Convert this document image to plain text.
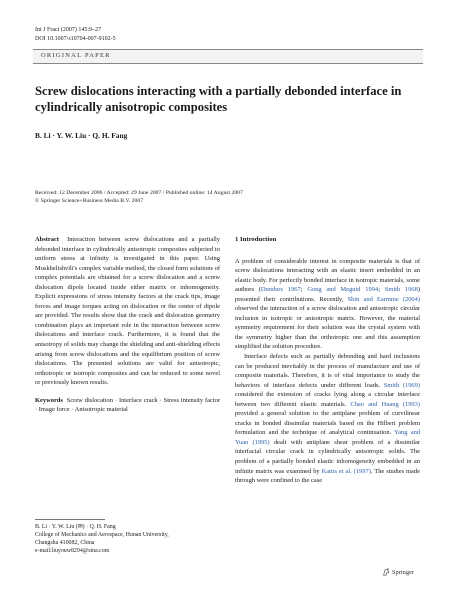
Int J Fract (2007) 145:9–27
DOI 10.1007/s10704-007-9102-5
ORIGINAL PAPER
Screw dislocations interacting with a partially debonded interface in cylindrically anisotropic composites
B. Li · Y. W. Liu · Q. H. Fang
Received: 12 December 2006 / Accepted: 29 June 2007 / Published online: 14 August 2007
© Springer Science+Business Media B.V. 2007

Abstract Interaction between screw dislocations and a partially debonded interface in cylindrically anisotropic composites subjected to uniform stress at infinity is investigated in this paper. Using Muskhelishvili's complex variable method, the closed form solutions of complex potentials are obtained for a screw dislocation and a screw dislocation dipole located inside either matrix or inhomogeneity. Explicit expressions of stress intensity factors at the crack tips, image forces and image torques acting on dislocation or the center of dipole are provided. The results show that the crack and dislocation geometry combination plays an important role in the interaction between screw dislocations and interface crack. Furthermore, it is found that the anisotropy of solids may change the shielding and anti-shielding effects arising from screw dislocations and the equilibrium position of screw dislocations. The presented solutions are valid for anisotropic, orthotropic or isotropic composites and can be reduced to some novel or previously known results.

Keywords Screw dislocation · Interface crack · Stress intensity factor · Image force · Anisotropic material

B. Li · Y. W. Liu (✉) · Q. H. Fang
College of Mechanics and Aerospace, Hunan University,
Changsha 410082, China
e-mail:liuyouw8294@sina.com

1 Introduction

A problem of considerable interest in composite materials is that of screw dislocations interacting with an elastic insert embedded in an elastic body. For perfectly bonded interface in isotropic materials, some authors (Dundurs 1967; Gong and Meguid 1994; Smith 1968) presented their contributions. Recently, Shin and Earmme (2004) observed the interaction of a screw dislocation and anisotropic circular inclusion in isotropic or anisotropic matrix. However, the material symmetry requirement for their solution was the crystal system with the symmetry higher than the orthotropic one and this assumption simplified the solution procedure.

Interface defects such as partially debonding and hard inclusions can be produced inevitably in the process of manufacture and use of composite materials. Therefore, it is of vital importance to study the behaviors of interface defects under different loads. Smith (1969) considered the extension of cracks lying along a circular interface between two different elastic materials. Chao and Huang (1993) provided a general solution to the antiplane problem of curvilinear cracks in bonded dissimilar materials based on the Hilbert problem formulation and the technique of analytical continuation. Yang and Yuan (1995) dealt with antiplane shear problem of a dissimilar interfacial circular crack in cylindrically anisotropic solids. The problem of a partially bonded elastic inhomogeneity embedded in an infinite matrix was examined by Kattis et al. (1997). The studies made through were confined to the case

Springer
